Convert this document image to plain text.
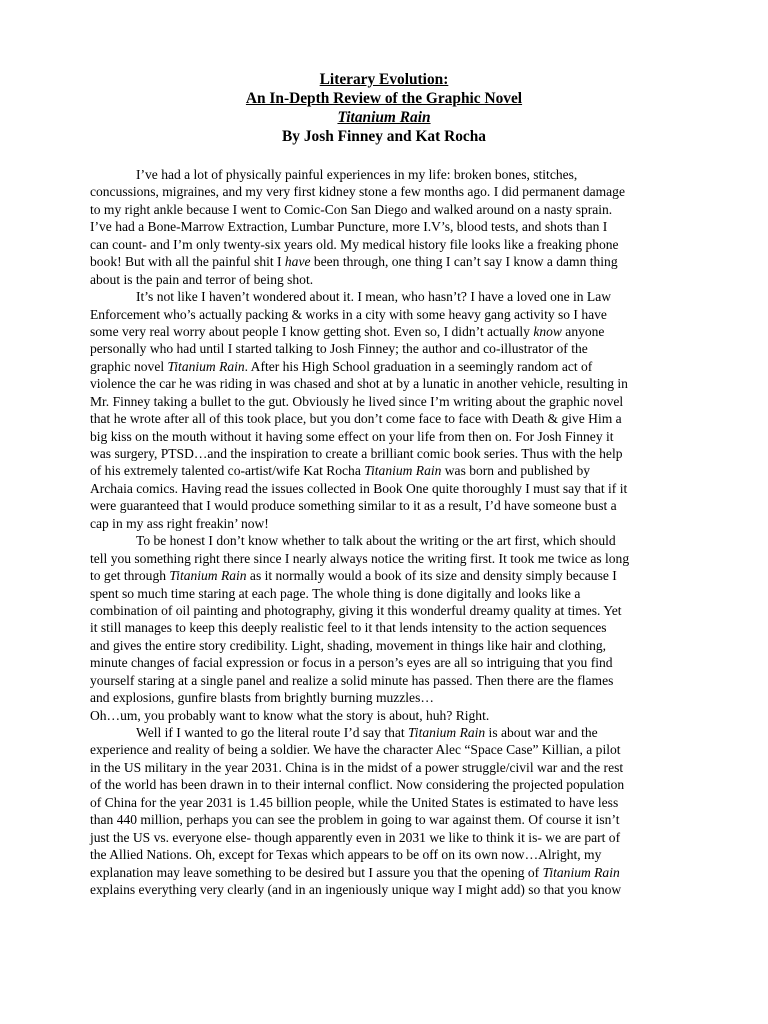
Literary Evolution:
An In-Depth Review of the Graphic Novel
Titanium Rain
By Josh Finney and Kat Rocha
I’ve had a lot of physically painful experiences in my life: broken bones, stitches,
concussions, migraines, and my very first kidney stone a few months ago. I did permanent damage
to my right ankle because I went to Comic-Con San Diego and walked around on a nasty sprain.
I’ve had a Bone-Marrow Extraction, Lumbar Puncture, more I.V’s, blood tests, and shots than I
can count- and I’m only twenty-six years old. My medical history file looks like a freaking phone
book! But with all the painful shit I have been through, one thing I can’t say I know a damn thing
about is the pain and terror of being shot.
It’s not like I haven’t wondered about it. I mean, who hasn’t? I have a loved one in Law
Enforcement who’s actually packing & works in a city with some heavy gang activity so I have
some very real worry about people I know getting shot. Even so, I didn’t actually know anyone
personally who had until I started talking to Josh Finney; the author and co-illustrator of the
graphic novel Titanium Rain. After his High School graduation in a seemingly random act of
violence the car he was riding in was chased and shot at by a lunatic in another vehicle, resulting in
Mr. Finney taking a bullet to the gut. Obviously he lived since I’m writing about the graphic novel
that he wrote after all of this took place, but you don’t come face to face with Death & give Him a
big kiss on the mouth without it having some effect on your life from then on. For Josh Finney it
was surgery, PTSD…and the inspiration to create a brilliant comic book series. Thus with the help
of his extremely talented co-artist/wife Kat Rocha Titanium Rain was born and published by
Archaia comics. Having read the issues collected in Book One quite thoroughly I must say that if it
were guaranteed that I would produce something similar to it as a result, I’d have someone bust a
cap in my ass right freakin’ now!
To be honest I don’t know whether to talk about the writing or the art first, which should
tell you something right there since I nearly always notice the writing first. It took me twice as long
to get through Titanium Rain as it normally would a book of its size and density simply because I
spent so much time staring at each page. The whole thing is done digitally and looks like a
combination of oil painting and photography, giving it this wonderful dreamy quality at times. Yet
it still manages to keep this deeply realistic feel to it that lends intensity to the action sequences
and gives the entire story credibility. Light, shading, movement in things like hair and clothing,
minute changes of facial expression or focus in a person’s eyes are all so intriguing that you find
yourself staring at a single panel and realize a solid minute has passed. Then there are the flames
and explosions, gunfire blasts from brightly burning muzzles…
Oh…um, you probably want to know what the story is about, huh? Right.
Well if I wanted to go the literal route I’d say that Titanium Rain is about war and the
experience and reality of being a soldier. We have the character Alec “Space Case” Killian, a pilot
in the US military in the year 2031. China is in the midst of a power struggle/civil war and the rest
of the world has been drawn in to their internal conflict. Now considering the projected population
of China for the year 2031 is 1.45 billion people, while the United States is estimated to have less
than 440 million, perhaps you can see the problem in going to war against them. Of course it isn’t
just the US vs. everyone else- though apparently even in 2031 we like to think it is- we are part of
the Allied Nations. Oh, except for Texas which appears to be off on its own now…Alright, my
explanation may leave something to be desired but I assure you that the opening of Titanium Rain
explains everything very clearly (and in an ingeniously unique way I might add) so that you know
